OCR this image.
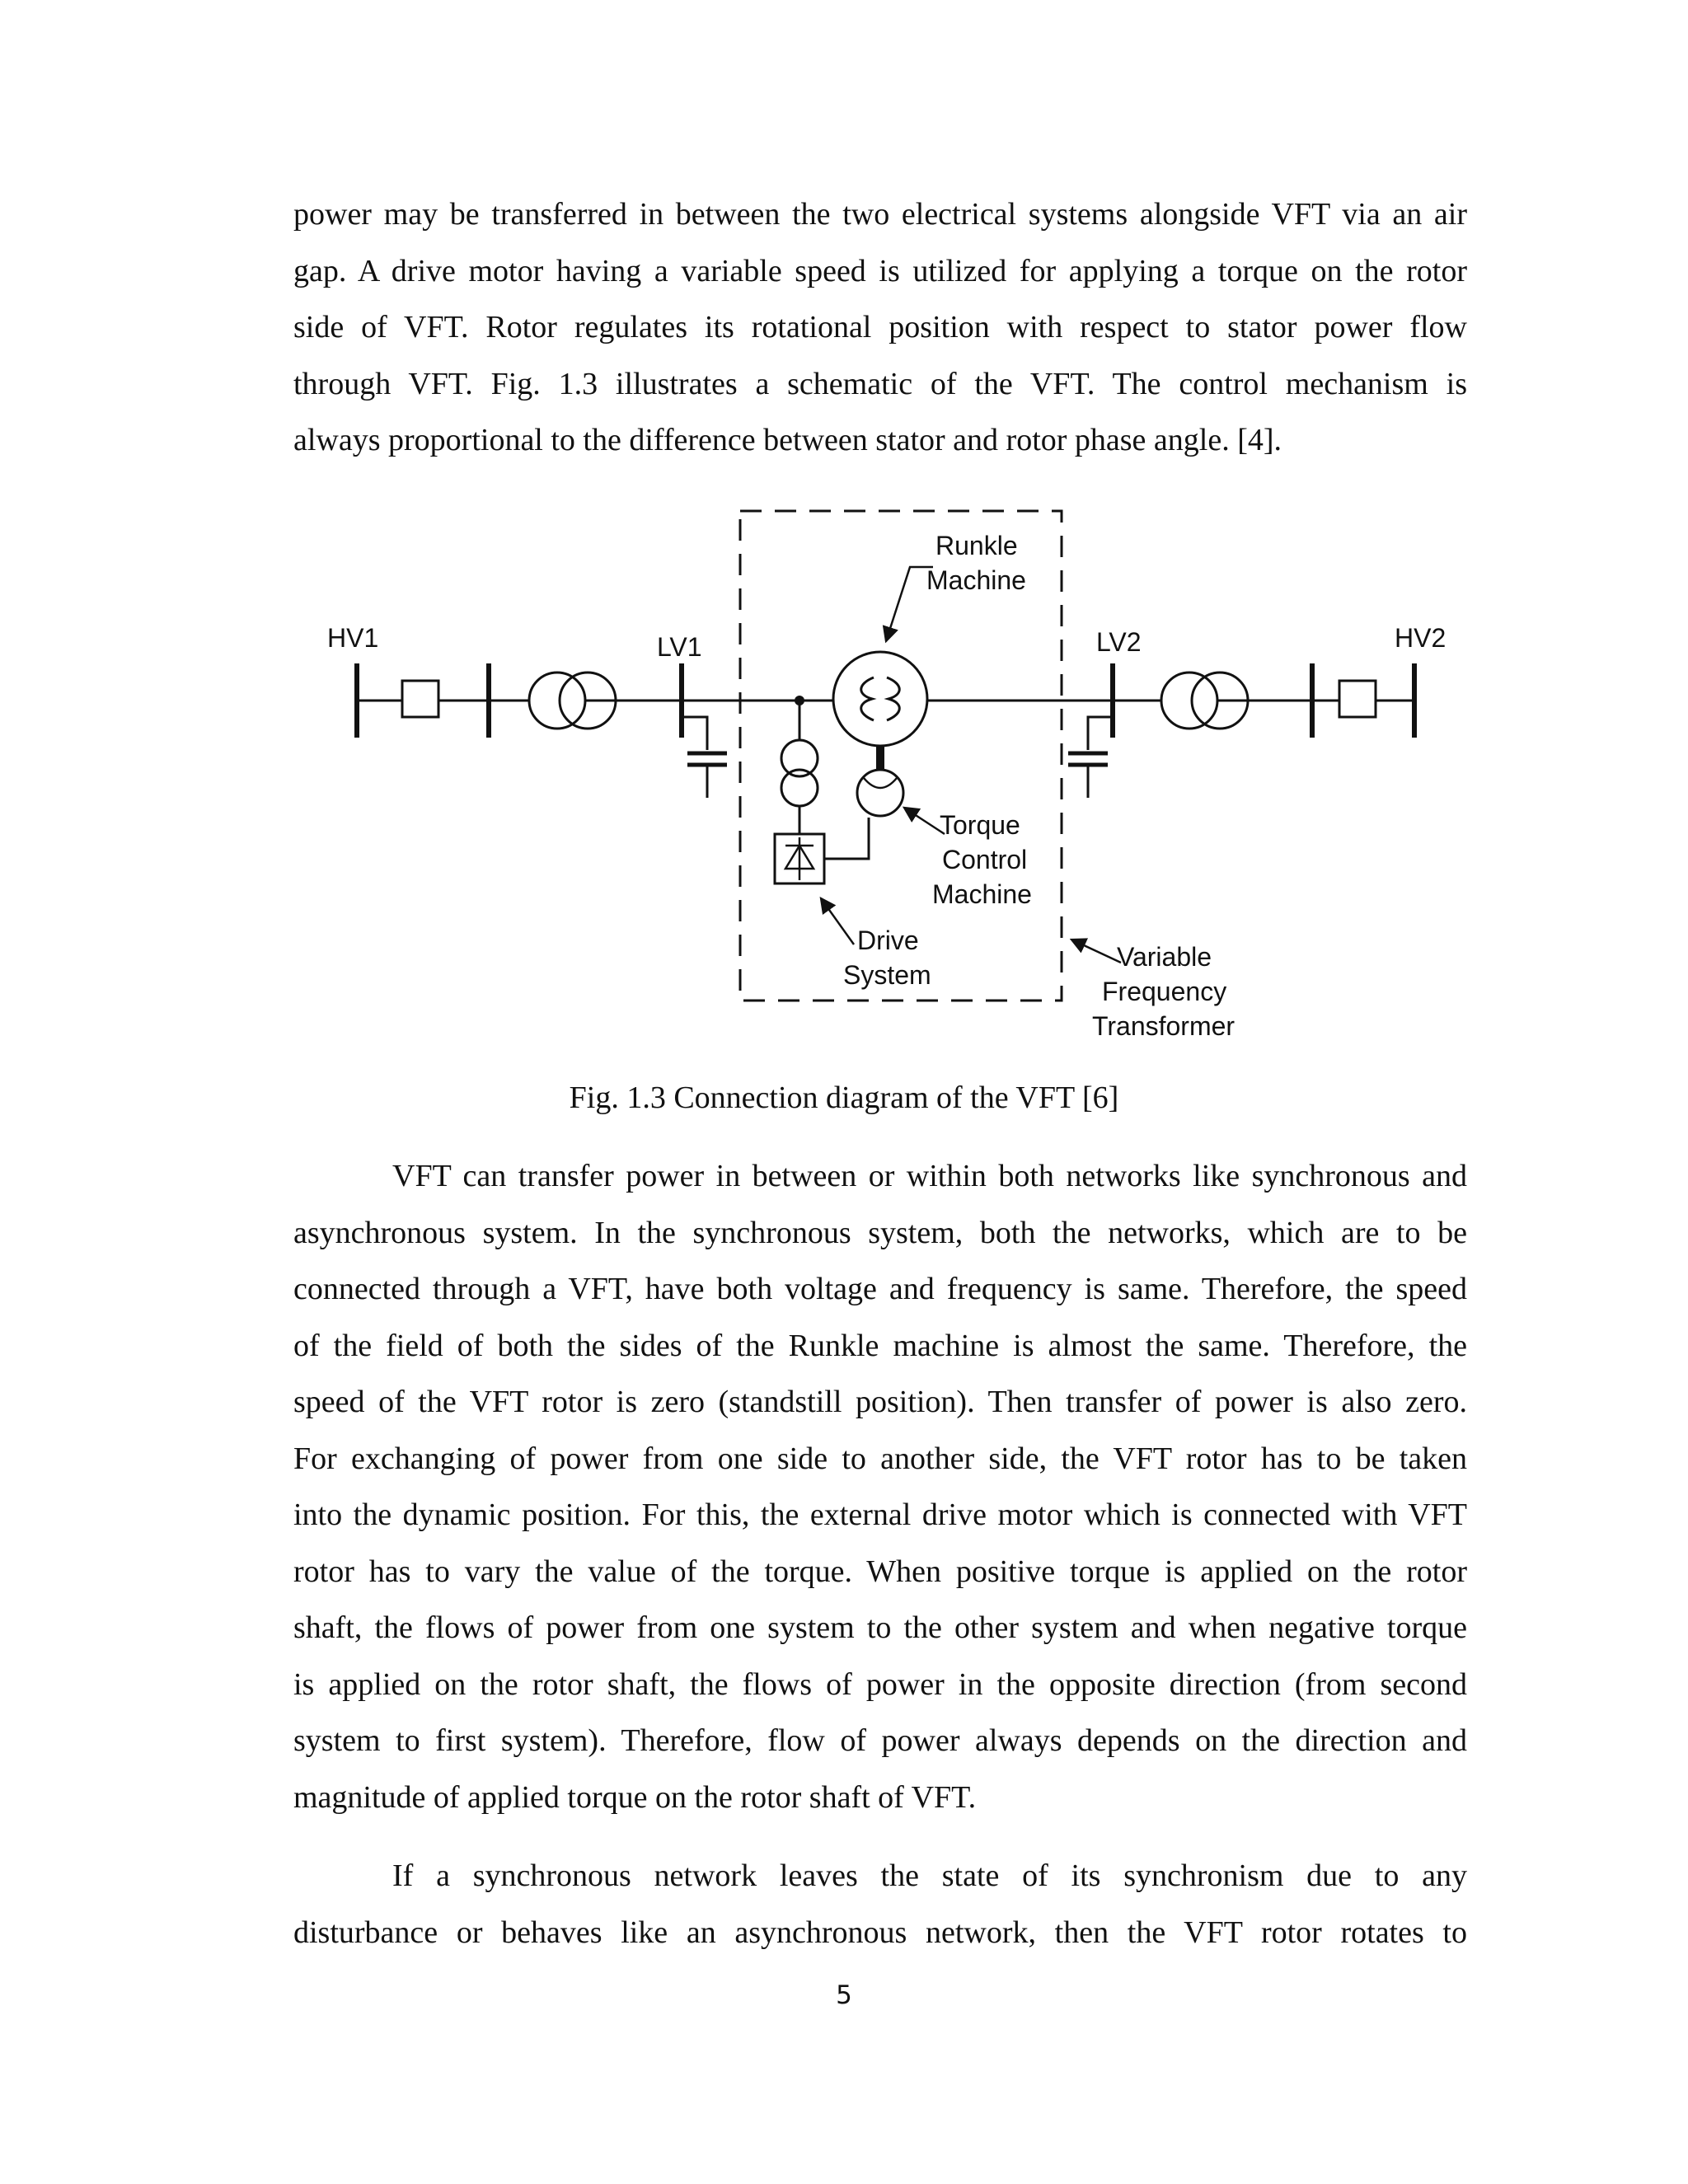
power may be transferred in between the two electrical systems alongside VFT via an air
gap. A drive motor having a variable speed is utilized for applying a torque on the rotor
side of VFT. Rotor regulates its rotational position with respect to stator power flow
through VFT. Fig. 1.3 illustrates a schematic of the VFT. The control mechanism is
always proportional to the difference between stator and rotor phase angle. [4].
HV1	LV1	LV2	HV2
Runkle
Machine
Torque
Control
Machine
Drive
System
Variable
Frequency
Transformer

Fig. 1.3 Connection diagram of the VFT [6]

VFT can transfer power in between or within both networks like synchronous and
asynchronous system. In the synchronous system, both the networks, which are to be
connected through a VFT, have both voltage and frequency is same. Therefore, the speed
of the field of both the sides of the Runkle machine is almost the same. Therefore, the
speed of the VFT rotor is zero (standstill position). Then transfer of power is also zero.
For exchanging of power from one side to another side, the VFT rotor has to be taken
into the dynamic position. For this, the external drive motor which is connected with VFT
rotor has to vary the value of the torque. When positive torque is applied on the rotor
shaft, the flows of power from one system to the other system and when negative torque
is applied on the rotor shaft, the flows of power in the opposite direction (from second
system to first system). Therefore, flow of power always depends on the direction and
magnitude of applied torque on the rotor shaft of VFT.
If a synchronous network leaves the state of its synchronism due to any
disturbance or behaves like an asynchronous network, then the VFT rotor rotates to

5
